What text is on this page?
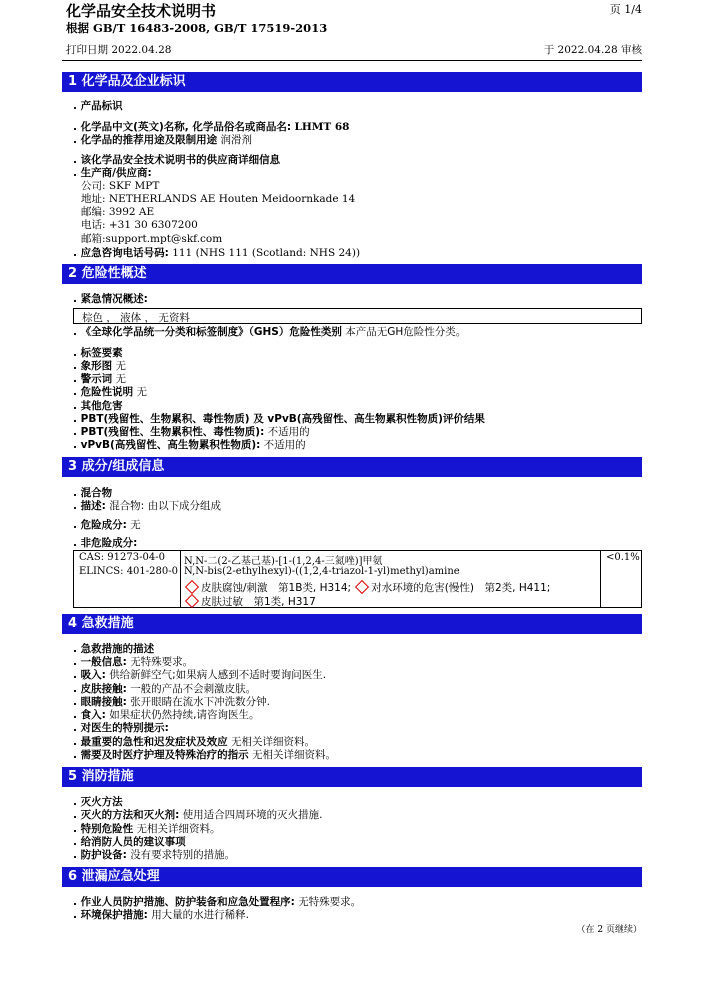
化学品安全技术说明书
根据 GB/T 16483-2008, GB/T 17519-2013
页 1/4
打印日期 2022.04.28	于 2022.04.28 审核
1 化学品及企业标识
. 产品标识
. 化学品中文(英文)名称, 化学品俗名或商品名: LHMT 68
. 化学品的推荐用途及限制用途 润滑剂
. 该化学品安全技术说明书的供应商详细信息
. 生产商/供应商:
公司: SKF MPT
地址: NETHERLANDS AE Houten Meidoornkade 14
邮编: 3992 AE
电话: +31 30 6307200
邮箱:support.mpt@skf.com
. 应急咨询电话号码: 111 (NHS 111 (Scotland: NHS 24))
2 危险性概述
. 紧急情况概述:
棕色 ， 液体 ， 无资料
. 《全球化学品统一分类和标签制度》（GHS）危险性类别 本产品无GH危险性分类。
. 标签要素
. 象形图 无
. 警示词 无
. 危险性说明 无
. 其他危害
. PBT(残留性、生物累积、毒性物质) 及 vPvB(高残留性、高生物累积性物质)评价结果
. PBT(残留性、生物累积性、毒性物质): 不适用的
. vPvB(高残留性、高生物累积性物质): 不适用的
3 成分/组成信息
. 混合物
. 描述: 混合物: 由以下成分组成
. 危险成分: 无
. 非危险成分:
CAS: 91273-04-0
ELINCS: 401-280-0
N,N-二(2-乙基己基)-[1-(1,2,4-三氮唑)]甲氨
N,N-bis(2-ethylhexyl)-((1,2,4-triazol-1-yl)methyl)amine
皮肤腐蚀/刺激　第1B类, H314; 对水环境的危害(慢性)　第2类, H411;
皮肤过敏　第1类, H317
<0.1%
4 急救措施
. 急救措施的描述
. 一般信息: 无特殊要求。
. 吸入: 供给新鲜空气;如果病人感到不适时要询问医生.
. 皮肤接触: 一般的产品不会刺激皮肤。
. 眼睛接触: 张开眼睛在流水下冲洗数分钟.
. 食入: 如果症状仍然持续,请咨询医生。
. 对医生的特别提示:
. 最重要的急性和迟发症状及效应 无相关详细资料。
. 需要及时医疗护理及特殊治疗的指示 无相关详细资料。
5 消防措施
. 灭火方法
. 灭火的方法和灭火剂: 使用适合四周环境的灭火措施.
. 特别危险性 无相关详细资料。
. 给消防人员的建议事项
. 防护设备: 没有要求特别的措施。
6 泄漏应急处理
. 作业人员防护措施、防护装备和应急处置程序: 无特殊要求。
. 环境保护措施: 用大量的水进行稀释.
（在 2 页继续）
